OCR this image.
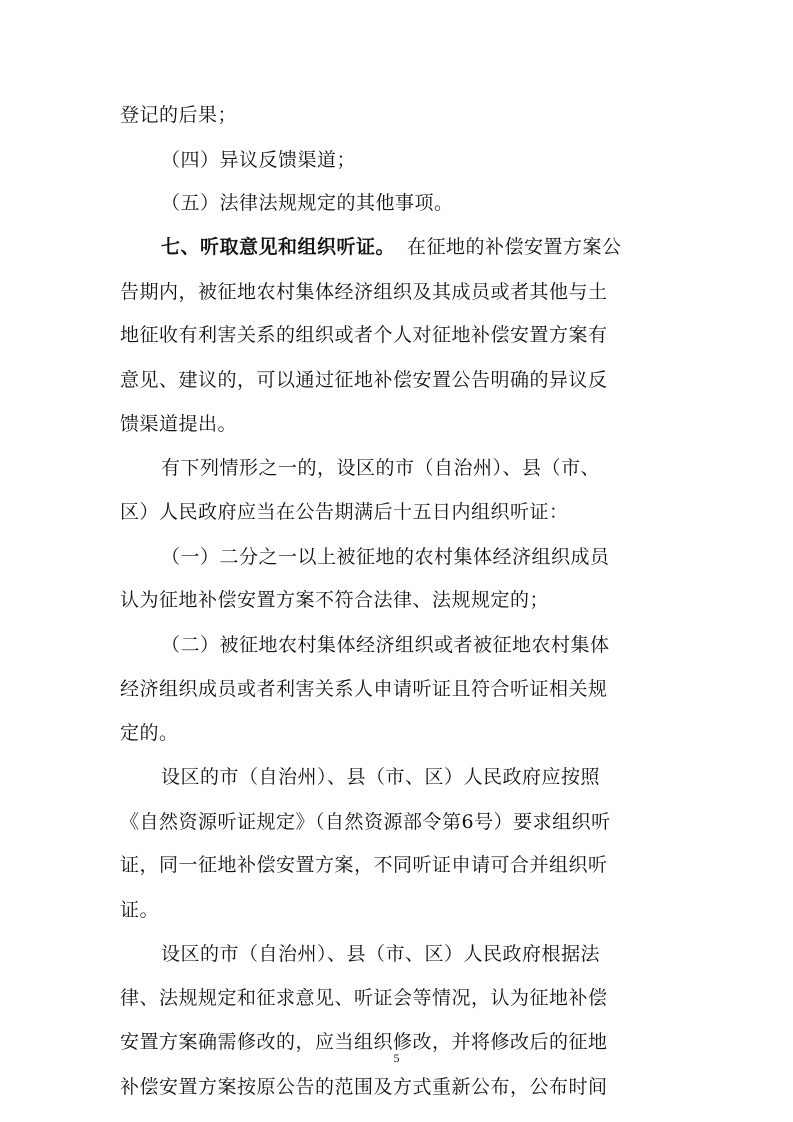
登记的后果；
（四）异议反馈渠道；
（五）法律法规规定的其他事项。
七、听取意见和组织听证。 在征地的补偿安置方案公
告期内，被征地农村集体经济组织及其成员或者其他与土
地征收有利害关系的组织或者个人对征地补偿安置方案有
意见、建议的，可以通过征地补偿安置公告明确的异议反
馈渠道提出。
有下列情形之一的，设区的市（自治州）、县（市、
区）人民政府应当在公告期满后十五日内组织听证：
（一）二分之一以上被征地的农村集体经济组织成员
认为征地补偿安置方案不符合法律、法规规定的；
（二）被征地农村集体经济组织或者被征地农村集体
经济组织成员或者利害关系人申请听证且符合听证相关规
定的。
设区的市（自治州）、县（市、区）人民政府应按照
《自然资源听证规定》（自然资源部令第6号）要求组织听
证，同一征地补偿安置方案，不同听证申请可合并组织听
证。
设区的市（自治州）、县（市、区）人民政府根据法
律、法规规定和征求意见、听证会等情况，认为征地补偿
安置方案确需修改的，应当组织修改，并将修改后的征地
补偿安置方案按原公告的范围及方式重新公布，公布时间
5
